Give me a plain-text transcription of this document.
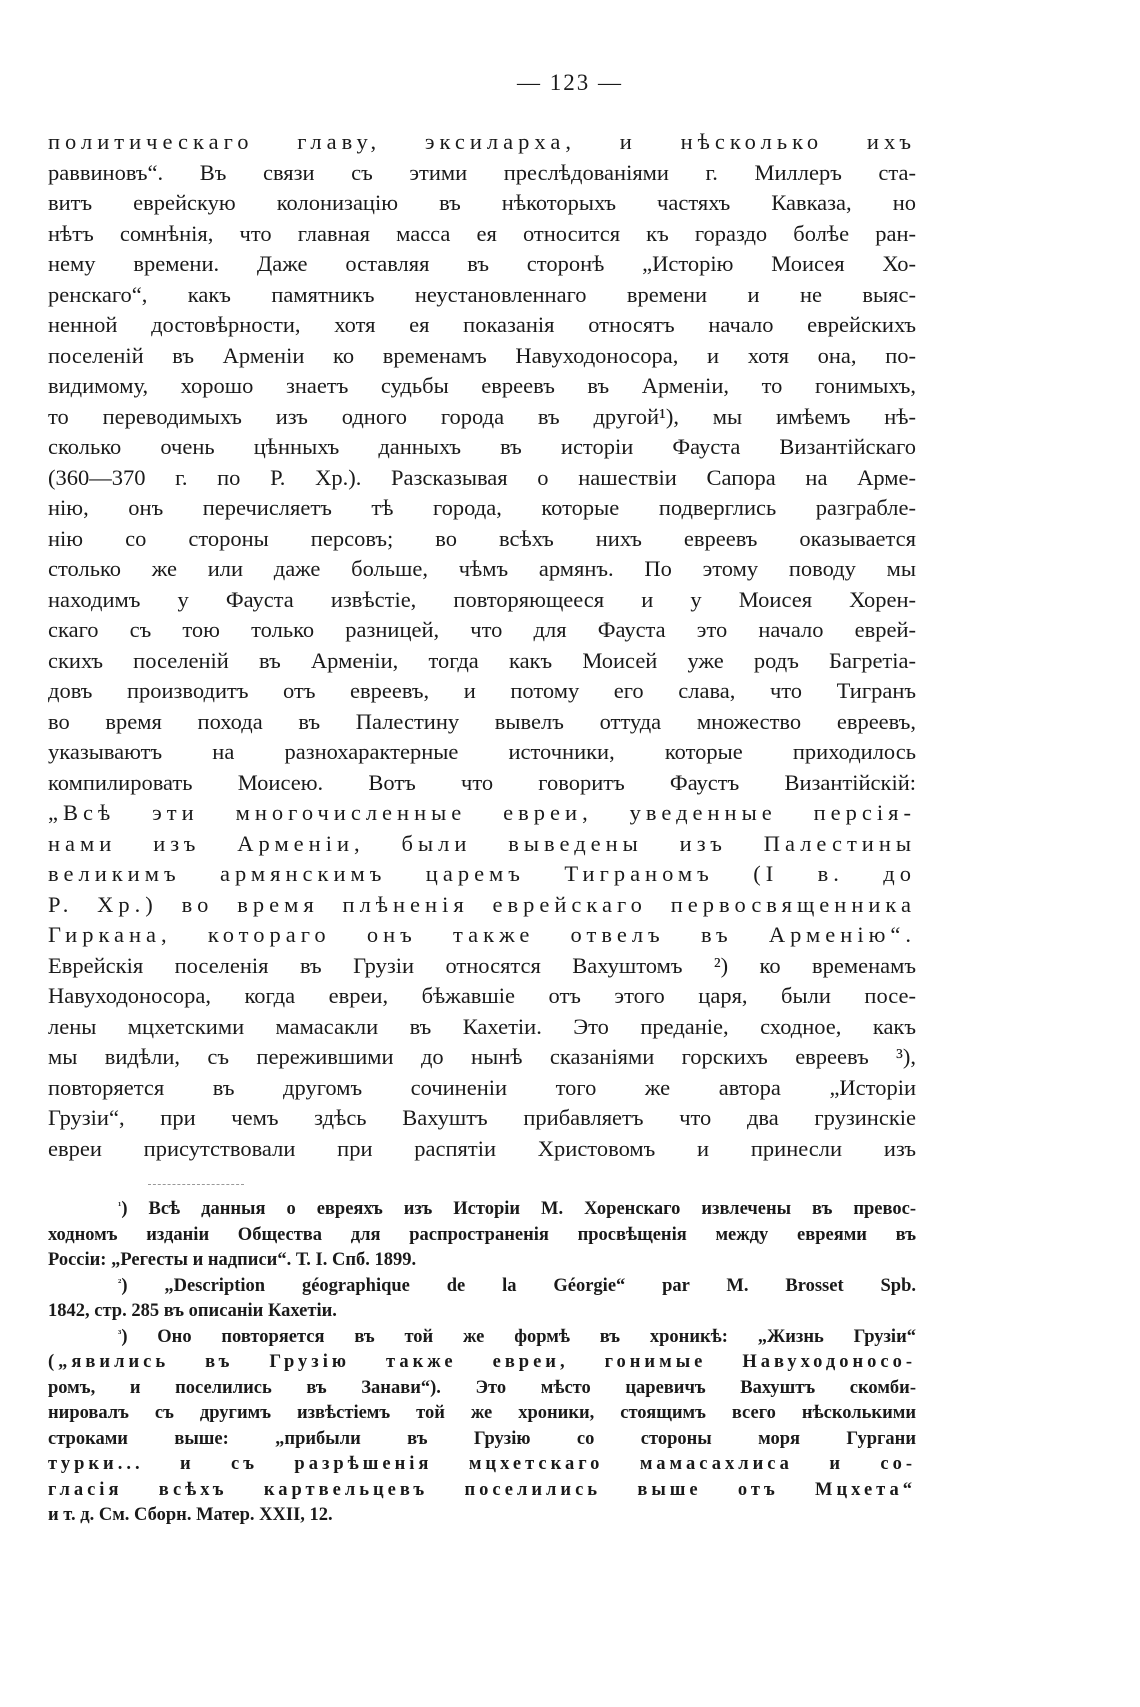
— 123 —
политическаго главу, эксиларха, и нѣсколько ихъ
раввиновъ“. Въ связи съ этими преслѣдованiями г. Миллеръ ста-
витъ еврейскую колонизацiю въ нѣкоторыхъ частяхъ Кавказа, но
нѣтъ сомнѣнiя, что главная масса ея относится къ гораздо болѣе ран-
нему времени. Даже оставляя въ сторонѣ „Исторiю Моисея Хо-
ренскаго“, какъ памятникъ неустановленнаго времени и не выяс-
ненной достовѣрности, хотя ея показанiя относятъ начало еврейскихъ
поселенiй въ Арменiи ко временамъ Навуходоносора, и хотя она, по-
видимому, хорошо знаетъ судьбы евреевъ въ Арменiи, то гонимыхъ,
то переводимыхъ изъ одного города въ другой¹), мы имѣемъ нѣ-
сколько очень цѣнныхъ данныхъ въ исторiи Фауста Византiйскаго
(360—370 г. по Р. Хр.). Разсказывая о нашествiи Сапора на Арме-
нiю, онъ перечисляетъ тѣ города, которые подверглись разграбле-
нiю со стороны персовъ; во всѣхъ нихъ евреевъ оказывается
столько же или даже больше, чѣмъ армянъ. По этому поводу мы
находимъ у Фауста извѣстiе, повторяющееся и у Моисея Хорен-
скаго съ тою только разницей, что для Фауста это начало еврей-
скихъ поселенiй въ Арменiи, тогда какъ Моисей уже родъ Багретiа-
довъ производитъ отъ евреевъ, и потому его слава, что Тигранъ
во время похода въ Палестину вывелъ оттуда множество евреевъ,
указываютъ на разнохарактерные источники, которые приходилось
компилировать Моисею. Вотъ что говоритъ Фаустъ Византiйскiй:
„Всѣ эти многочисленные евреи, уведенные персія-
нами изъ Арменіи, были выведены изъ Палестины
великимъ армянскимъ царемъ Тиграномъ (I в. до
Р. Хр.) во время плѣненія еврейскаго первосвященника
Гиркана, котораго онъ также отвелъ въ Арменію“.
Еврейскiя поселенiя въ Грузiи относятся Вахуштомъ ²) ко временамъ
Навуходоносора, когда евреи, бѣжавшiе отъ этого царя, были посе-
лены мцхетскими мамасакли въ Кахетiи. Это преданiе, сходное, какъ
мы видѣли, съ пережившими до нынѣ сказанiями горскихъ евреевъ ³),
повторяется въ другомъ сочиненiи того же автора „Исторiи
Грузiи“, при чемъ здѣсь Вахуштъ прибавляетъ что два грузинскiе
евреи присутствовали при распятiи Христовомъ и принесли изъ
$^{^1}$) Всѣ данныя о евреяхъ изъ Исторiи М. Хоренскаго извлечены въ превос-
ходномъ изданiи Общества для распространенiя просвѣщенiя между евреями въ
Россiи: „Регесты и надписи“. Т. I. Спб. 1899.
$^{^2}$) „Description géographique de la Géorgie“ par M. Brosset Spb.
1842, стр. 285 въ описанiи Кахетiи.
$^{^3}$) Оно повторяется въ той же формѣ въ хроникѣ: „Жизнь Грузiи“
(„явились въ Грузiю также евреи, гонимые Навуходоносо-
ромъ, и поселились въ Занави“). Это мѣсто царевичъ Вахуштъ скомби-
нировалъ съ другимъ извѣстiемъ той же хроники, стоящимъ всего нѣсколькими
строками выше: „прибыли въ Грузiю со стороны моря Гургани
турки... и съ разрѣшенiя мцхетскаго мамасахлиса и со-
гласiя всѣхъ картвельцевъ поселились выше отъ Мцхета“
и т. д. См. Сборн. Матер. XXII, 12.
